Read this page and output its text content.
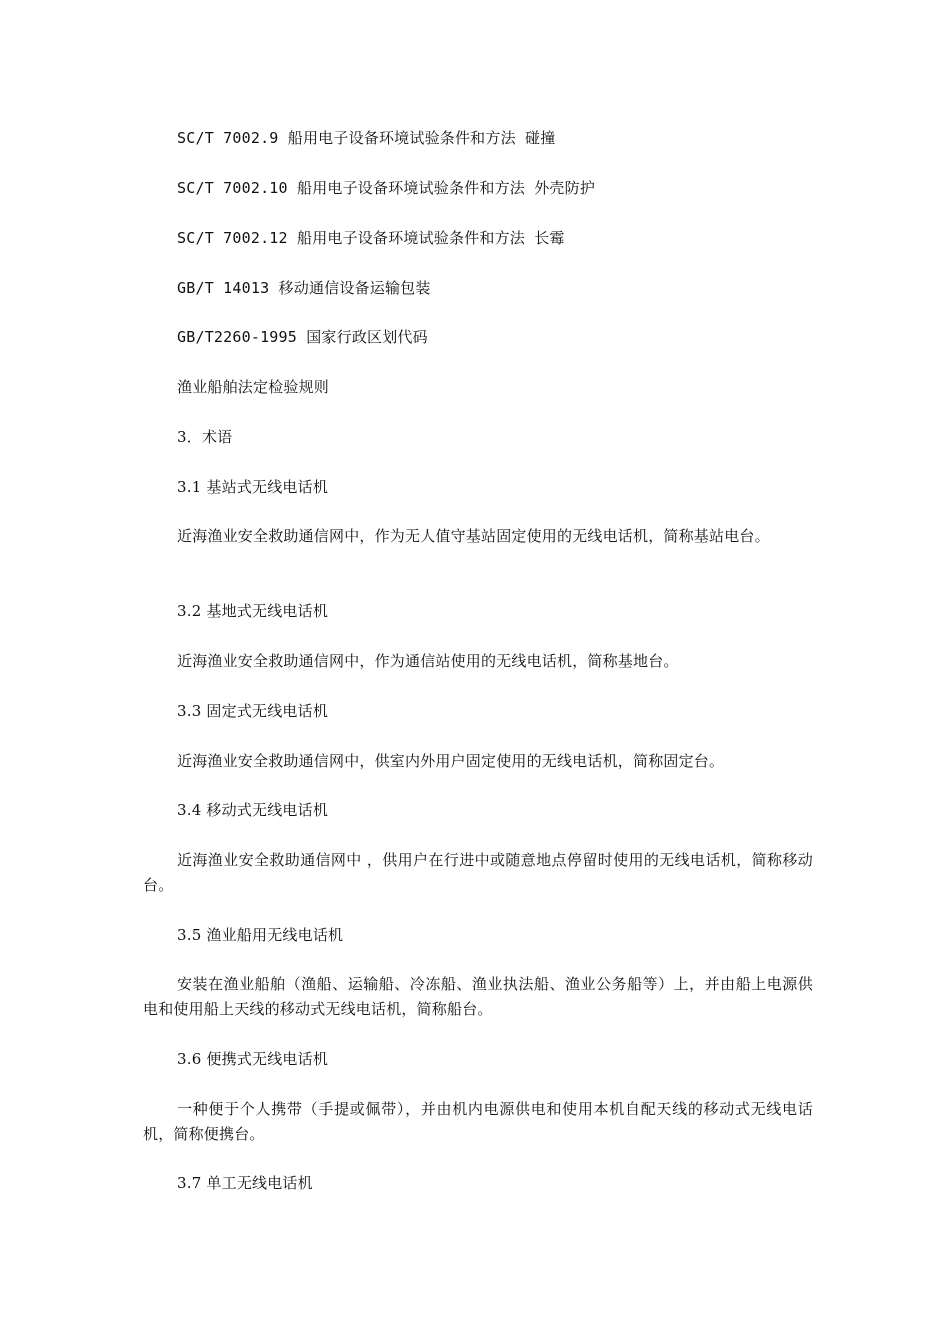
SC/T 7002.9 船用电子设备环境试验条件和方法 碰撞
SC/T 7002.10 船用电子设备环境试验条件和方法 外壳防护
SC/T 7002.12 船用电子设备环境试验条件和方法 长霉
GB/T 14013 移动通信设备运输包装
GB/T2260-1995 国家行政区划代码
渔业船舶法定检验规则
3．术语
3.1 基站式无线电话机
近海渔业安全救助通信网中，作为无人值守基站固定使用的无线电话机，简称基站电台。
3.2 基地式无线电话机
近海渔业安全救助通信网中，作为通信站使用的无线电话机，简称基地台。
3.3 固定式无线电话机
近海渔业安全救助通信网中，供室内外用户固定使用的无线电话机，简称固定台。
3.4 移动式无线电话机
近海渔业安全救助通信网中 ，供用户在行进中或随意地点停留时使用的无线电话机，简称移动台。
3.5 渔业船用无线电话机
安装在渔业船舶（渔船、运输船、冷冻船、渔业执法船、渔业公务船等）上，并由船上电源供电和使用船上天线的移动式无线电话机，简称船台。
3.6 便携式无线电话机
一种便于个人携带（手提或佩带），并由机内电源供电和使用本机自配天线的移动式无线电话机，简称便携台。
3.7 单工无线电话机
